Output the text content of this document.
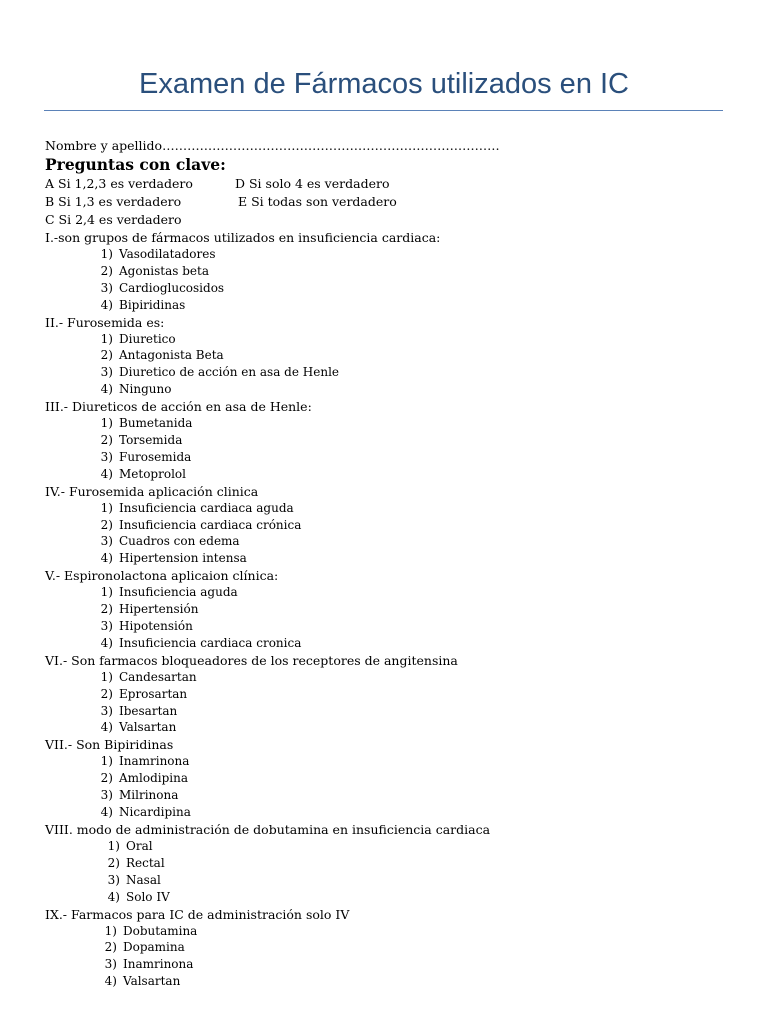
Examen de Fármacos utilizados en IC
Nombre y apellido………………………………………………………………………
Preguntas con clave:
A Si 1,2,3 es verdadero	D Si solo 4 es verdadero
B Si 1,3 es verdadero	E Si todas son verdadero
C Si 2,4 es verdadero
I.-son grupos de fármacos utilizados en insuficiencia cardiaca:
1) Vasodilatadores
2) Agonistas beta
3) Cardioglucosidos
4) Bipiridinas
II.- Furosemida es:
1) Diuretico
2) Antagonista Beta
3) Diuretico de acción en asa de Henle
4) Ninguno
III.- Diureticos de acción en asa de Henle:
1) Bumetanida
2) Torsemida
3) Furosemida
4) Metoprolol
IV.- Furosemida aplicación clinica
1) Insuficiencia cardiaca aguda
2) Insuficiencia cardiaca crónica
3) Cuadros con edema
4) Hipertension intensa
V.- Espironolactona aplicaion clínica:
1) Insuficiencia aguda
2) Hipertensión
3) Hipotensión
4) Insuficiencia cardiaca cronica
VI.- Son farmacos bloqueadores de los receptores de angitensina
1) Candesartan
2) Eprosartan
3) Ibesartan
4) Valsartan
VII.- Son Bipiridinas
1) Inamrinona
2) Amlodipina
3) Milrinona
4) Nicardipina
VIII. modo de administración de dobutamina en insuficiencia cardiaca
1) Oral
2) Rectal
3) Nasal
4) Solo IV
IX.- Farmacos para IC de administración solo IV
1) Dobutamina
2) Dopamina
3) Inamrinona
4) Valsartan
